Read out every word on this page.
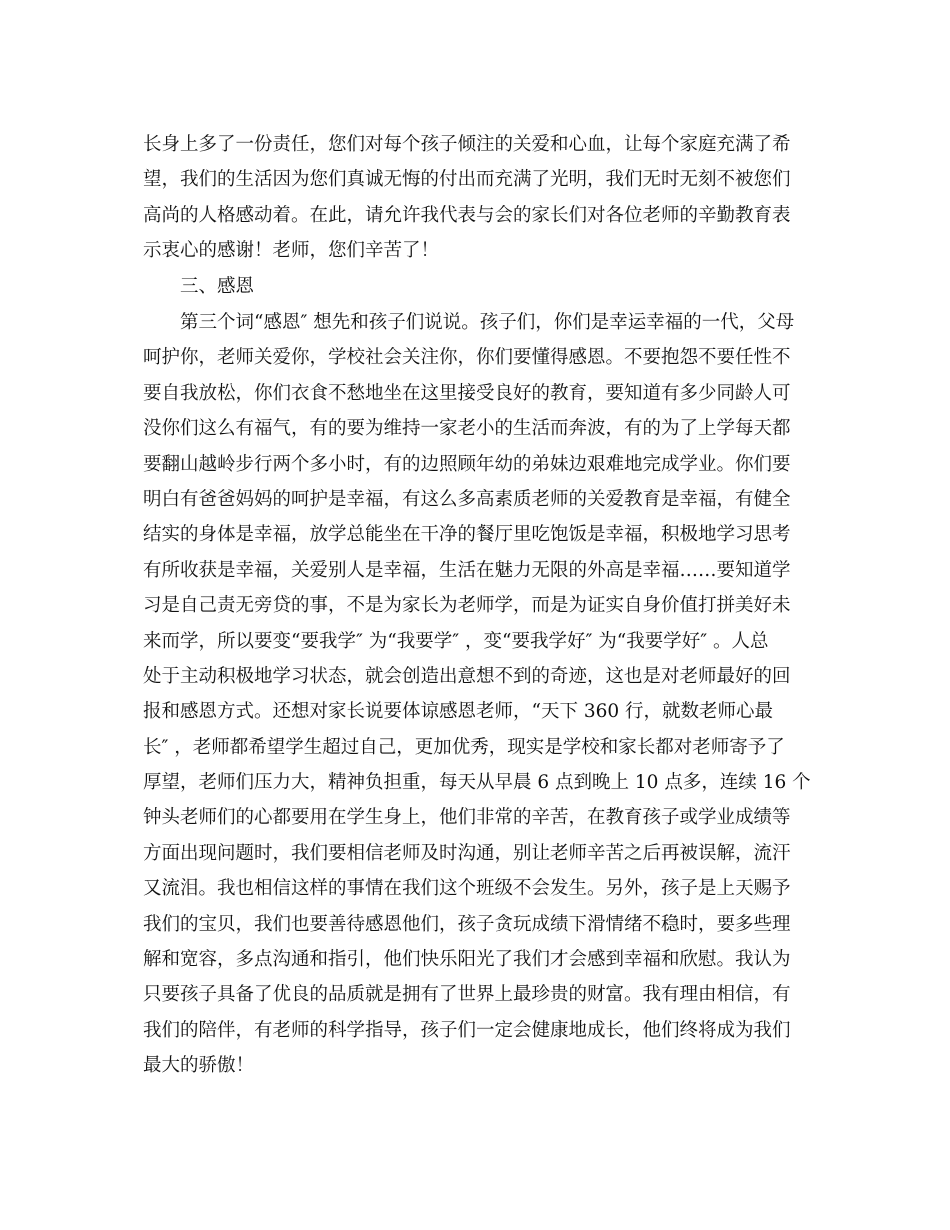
长身上多了一份责任，您们对每个孩子倾注的关爱和心血，让每个家庭充满了希
望，我们的生活因为您们真诚无悔的付出而充满了光明，我们无时无刻不被您们
高尚的人格感动着。在此，请允许我代表与会的家长们对各位老师的辛勤教育表
示衷心的感谢！老师，您们辛苦了！
三、感恩
第三个词“感恩″ 想先和孩子们说说。孩子们，你们是幸运幸福的一代，父母
呵护你，老师关爱你，学校社会关注你，你们要懂得感恩。不要抱怨不要任性不
要自我放松，你们衣食不愁地坐在这里接受良好的教育，要知道有多少同龄人可
没你们这么有福气，有的要为维持一家老小的生活而奔波，有的为了上学每天都
要翻山越岭步行两个多小时，有的边照顾年幼的弟妹边艰难地完成学业。你们要
明白有爸爸妈妈的呵护是幸福，有这么多高素质老师的关爱教育是幸福，有健全
结实的身体是幸福，放学总能坐在干净的餐厅里吃饱饭是幸福，积极地学习思考
有所收获是幸福，关爱别人是幸福，生活在魅力无限的外高是幸福……要知道学
习是自己责无旁贷的事，不是为家长为老师学，而是为证实自身价值打拼美好未
来而学，所以要变“要我学″ 为“我要学″ ，变“要我学好″ 为“我要学好″ 。人总
处于主动积极地学习状态，就会创造出意想不到的奇迹，这也是对老师最好的回
报和感恩方式。还想对家长说要体谅感恩老师，“天下 360 行，就数老师心最
长″ ，老师都希望学生超过自己，更加优秀，现实是学校和家长都对老师寄予了
厚望，老师们压力大，精神负担重，每天从早晨 6 点到晚上 10 点多，连续 16 个
钟头老师们的心都要用在学生身上，他们非常的辛苦，在教育孩子或学业成绩等
方面出现问题时，我们要相信老师及时沟通，别让老师辛苦之后再被误解，流汗
又流泪。我也相信这样的事情在我们这个班级不会发生。另外，孩子是上天赐予
我们的宝贝，我们也要善待感恩他们，孩子贪玩成绩下滑情绪不稳时，要多些理
解和宽容，多点沟通和指引，他们快乐阳光了我们才会感到幸福和欣慰。我认为
只要孩子具备了优良的品质就是拥有了世界上最珍贵的财富。我有理由相信，有
我们的陪伴，有老师的科学指导，孩子们一定会健康地成长，他们终将成为我们
最大的骄傲！
